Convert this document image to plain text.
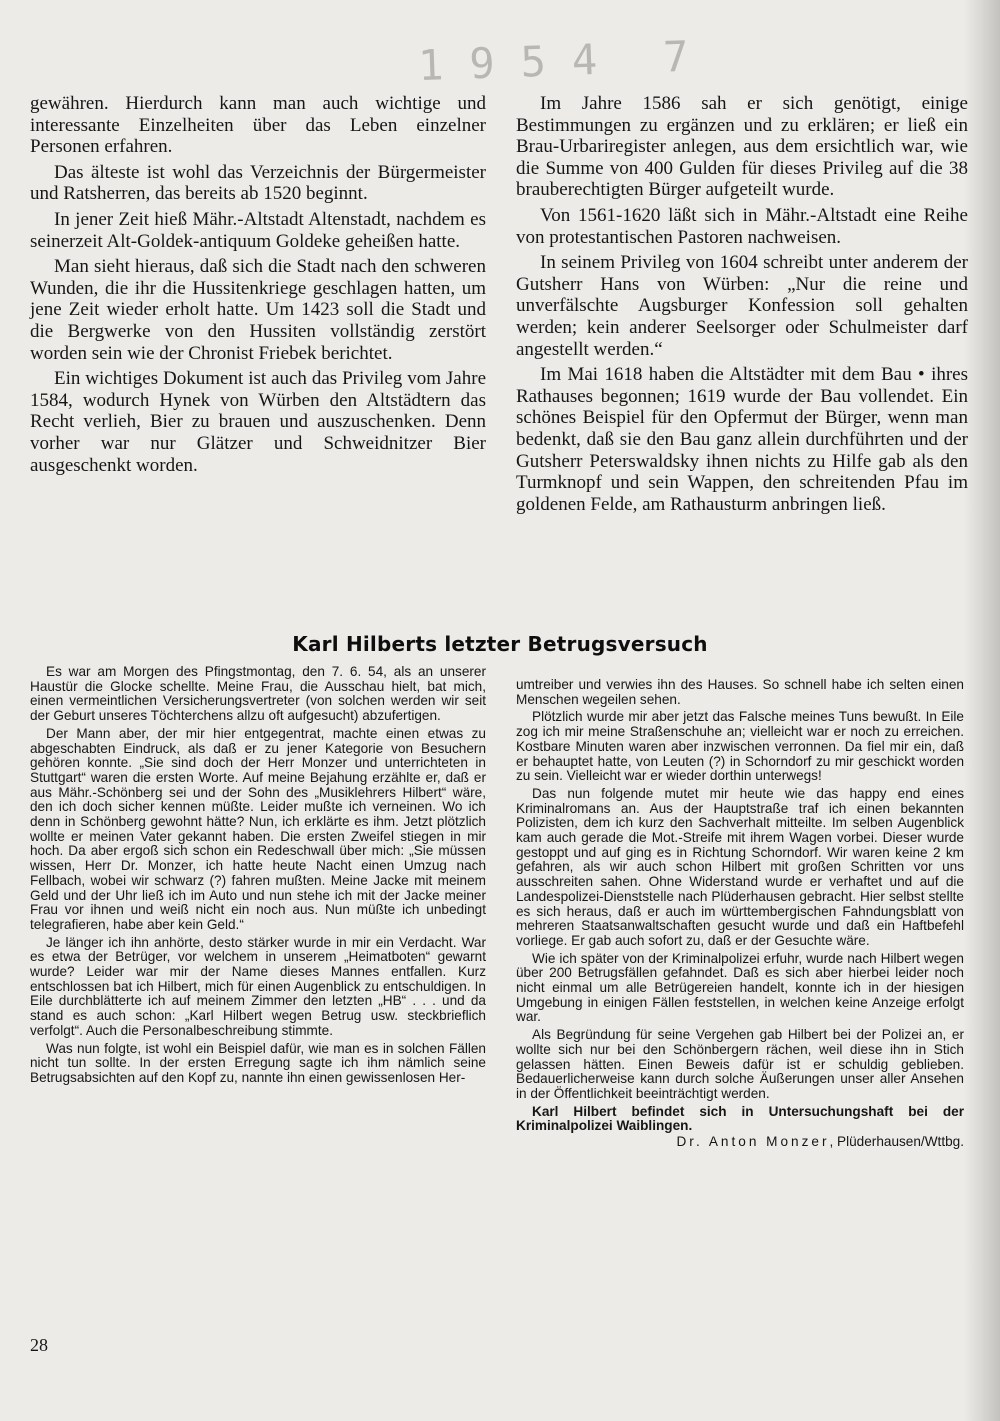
1954 7

gewähren. Hierdurch kann man auch wichtige und interessante Einzelheiten über das Leben einzelner Personen erfahren.

Das älteste ist wohl das Verzeichnis der Bürgermeister und Ratsherren, das bereits ab 1520 beginnt.

In jener Zeit hieß Mähr.-Altstadt Altenstadt, nachdem es seinerzeit Alt-Goldek-antiquum Goldeke geheißen hatte.

Man sieht hieraus, daß sich die Stadt nach den schweren Wunden, die ihr die Hussitenkriege geschlagen hatten, um jene Zeit wieder erholt hatte. Um 1423 soll die Stadt und die Bergwerke von den Hussiten vollständig zerstört worden sein wie der Chronist Friebek berichtet.

Ein wichtiges Dokument ist auch das Privileg vom Jahre 1584, wodurch Hynek von Würben den Altstädtern das Recht verlieh, Bier zu brauen und auszuschenken. Denn vorher war nur Glätzer und Schweidnitzer Bier ausgeschenkt worden.

Im Jahre 1586 sah er sich genötigt, einige Bestimmungen zu ergänzen und zu erklären; er ließ ein Brau-Urbariregister anlegen, aus dem ersichtlich war, wie die Summe von 400 Gulden für dieses Privileg auf die 38 brauberechtigten Bürger aufgeteilt wurde.

Von 1561-1620 läßt sich in Mähr.-Altstadt eine Reihe von protestantischen Pastoren nachweisen.

In seinem Privileg von 1604 schreibt unter anderem der Gutsherr Hans von Würben: „Nur die reine und unverfälschte Augsburger Konfession soll gehalten werden; kein anderer Seelsorger oder Schulmeister darf angestellt werden.“

Im Mai 1618 haben die Altstädter mit dem Bau • ihres Rathauses begonnen; 1619 wurde der Bau vollendet. Ein schönes Beispiel für den Opfermut der Bürger, wenn man bedenkt, daß sie den Bau ganz allein durchführten und der Gutsherr Peterswaldsky ihnen nichts zu Hilfe gab als den Turmknopf und sein Wappen, den schreitenden Pfau im goldenen Felde, am Rathausturm anbringen ließ.

Karl Hilberts letzter Betrugsversuch

Es war am Morgen des Pfingstmontag, den 7. 6. 54, als an unserer Haustür die Glocke schellte. Meine Frau, die Ausschau hielt, bat mich, einen vermeintlichen Versicherungsvertreter (von solchen werden wir seit der Geburt unseres Töchterchens allzu oft aufgesucht) abzufertigen.

Der Mann aber, der mir hier entgegentrat, machte einen etwas zu abgeschabten Eindruck, als daß er zu jener Kategorie von Besuchern gehören konnte. „Sie sind doch der Herr Monzer und unterrichteten in Stuttgart“ waren die ersten Worte. Auf meine Bejahung erzählte er, daß er aus Mähr.-Schönberg sei und der Sohn des „Musiklehrers Hilbert“ wäre, den ich doch sicher kennen müßte. Leider mußte ich verneinen. Wo ich denn in Schönberg gewohnt hätte? Nun, ich erklärte es ihm. Jetzt plötzlich wollte er meinen Vater gekannt haben. Die ersten Zweifel stiegen in mir hoch. Da aber ergoß sich schon ein Redeschwall über mich: „Sie müssen wissen, Herr Dr. Monzer, ich hatte heute Nacht einen Umzug nach Fellbach, wobei wir schwarz (?) fahren mußten. Meine Jacke mit meinem Geld und der Uhr ließ ich im Auto und nun stehe ich mit der Jacke meiner Frau vor ihnen und weiß nicht ein noch aus. Nun müßte ich unbedingt telegrafieren, habe aber kein Geld.“

Je länger ich ihn anhörte, desto stärker wurde in mir ein Verdacht. War es etwa der Betrüger, vor welchem in unserem „Heimatboten“ gewarnt wurde? Leider war mir der Name dieses Mannes entfallen. Kurz entschlossen bat ich Hilbert, mich für einen Augenblick zu entschuldigen. In Eile durchblätterte ich auf meinem Zimmer den letzten „HB“ . . . und da stand es auch schon: „Karl Hilbert wegen Betrug usw. steckbrieflich verfolgt“. Auch die Personalbeschreibung stimmte.

Was nun folgte, ist wohl ein Beispiel dafür, wie man es in solchen Fällen nicht tun sollte. In der ersten Erregung sagte ich ihm nämlich seine Betrugsabsichten auf den Kopf zu, nannte ihn einen gewissenlosen Her-

umtreiber und verwies ihn des Hauses. So schnell habe ich selten einen Menschen wegeilen sehen.

Plötzlich wurde mir aber jetzt das Falsche meines Tuns bewußt. In Eile zog ich mir meine Straßenschuhe an; vielleicht war er noch zu erreichen. Kostbare Minuten waren aber inzwischen verronnen. Da fiel mir ein, daß er behauptet hatte, von Leuten (?) in Schorndorf zu mir geschickt worden zu sein. Vielleicht war er wieder dorthin unterwegs!

Das nun folgende mutet mir heute wie das happy end eines Kriminalromans an. Aus der Hauptstraße traf ich einen bekannten Polizisten, dem ich kurz den Sachverhalt mitteilte. Im selben Augenblick kam auch gerade die Mot.-Streife mit ihrem Wagen vorbei. Dieser wurde gestoppt und auf ging es in Richtung Schorndorf. Wir waren keine 2 km gefahren, als wir auch schon Hilbert mit großen Schritten vor uns ausschreiten sahen. Ohne Widerstand wurde er verhaftet und auf die Landespolizei-Dienststelle nach Plüderhausen gebracht. Hier selbst stellte es sich heraus, daß er auch im württembergischen Fahndungsblatt von mehreren Staatsanwaltschaften gesucht wurde und daß ein Haftbefehl vorliege. Er gab auch sofort zu, daß er der Gesuchte wäre.

Wie ich später von der Kriminalpolizei erfuhr, wurde nach Hilbert wegen über 200 Betrugsfällen gefahndet. Daß es sich aber hierbei leider noch nicht einmal um alle Betrügereien handelt, konnte ich in der hiesigen Umgebung in einigen Fällen feststellen, in welchen keine Anzeige erfolgt war.

Als Begründung für seine Vergehen gab Hilbert bei der Polizei an, er wollte sich nur bei den Schönbergern rächen, weil diese ihn in Stich gelassen hätten. Einen Beweis dafür ist er schuldig geblieben. Bedauerlicherweise kann durch solche Äußerungen unser aller Ansehen in der Öffentlichkeit beeinträchtigt werden.

Karl Hilbert befindet sich in Untersuchungshaft bei der Kriminalpolizei Waiblingen.
Dr. Anton Monzer, Plüderhausen/Wttbg.
28
